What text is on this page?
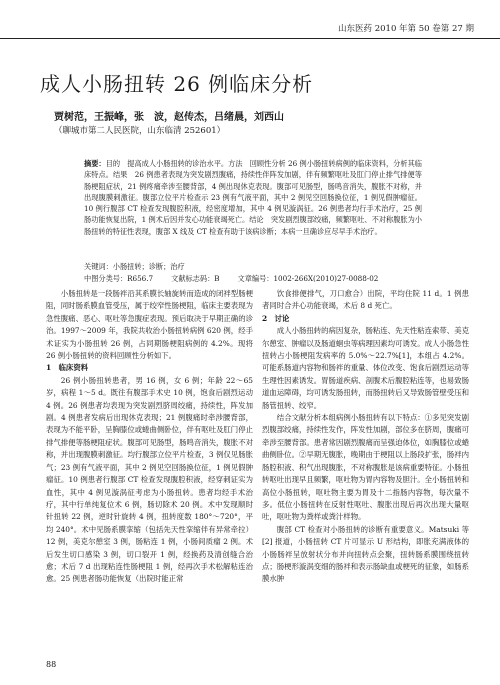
山东医药 2010 年第 50 卷第 27 期
成人小肠扭转 26 例临床分析
贾树范，王振峰，张　波，赵传杰，吕绪晨，刘西山
（聊城市第二人民医院，山东临清 252601）
摘要：目的　提高成人小肠扭转的诊治水平。方法　回顾性分析 26 例小肠扭转病例的临床资料，分析其临床特点。结果　26 例患者表现为突发剧烈腹痛，持续性伴阵发加剧，伴有频繁呕吐及肛门停止排气排便等肠梗阻症状，21 例疼痛牵涉至腰背部，4 例出现休克表现。腹部可见肠型，肠鸣音消失，腹胀不对称，并出现腹膜刺激征。腹部立位平片检查示 23 例有气液平面，其中 2 例见空回肠换位征，1 例见假肿瘤征。10 例行腹部 CT 检查发现腹腔积液，经密度增加，其中 4 例见漩涡征。26 例患者均行手术治疗，25 例肠功能恢复出院，1 例术后因并发心功能衰竭死亡。结论　突发剧烈腹部绞痛，频繁呕吐、不对称腹胀为小肠扭转的特征性表现，腹部 X 线及 CT 检查有助于该病诊断；本病一旦确诊应尽早手术治疗。
关键词：小肠扭转；诊断；治疗
中图分类号：R656.7	文献标志码：B	文章编号：1002-266X(2010)27-0088-02

小肠扭转是一段肠袢沿其系膜长轴旋转而造成的闭袢型肠梗阻，同时肠系膜血管受压，属于绞窄性肠梗阻，临床主要表现为急性腹痛、恶心、呕吐等急腹症表现。预后取决于早期正确的诊治。1997～2009 年，我院共收治小肠扭转病例 620 例，经手术证实为小肠扭转 26 例，占同期肠梗阻病例的 4.2%。现将 26 例小肠扭转的资料回顾性分析如下。

1　临床资料

26 例小肠扭转患者，男 16 例，女 6 例；年龄 22～65 岁，病程 1～5 d。既往有腹部手术史 10 例，饱食后剧烈运动 4 例。26 例患者均表现为突发剧烈脐周绞痛，持续性，阵发加剧。4 例患者发病后出现休克表现；21 例腹痛时牵涉腰背部，表现为不能平卧，呈胸膝位或蜷曲侧卧位，伴有呕吐及肛门停止排气排便等肠梗阻症状。腹部可见肠型，肠鸣音消失，腹胀不对称，并出现腹膜刺激征。均行腹部立位平片检查，3 例仅见肠胀气；23 例有气液平面，其中 2 例见空回肠换位征，1 例见假肿瘤征。10 例患者行腹部 CT 检查发现腹腔积液，经穿刺证实为血性，其中 4 例见漩涡征考虑为小肠扭转。患者均经手术治疗，其中行单纯复位术 6 例，肠切除术 20 例。术中发现顺时针扭转 22 例，逆时针旋转 4 例，扭转度数 180°～720°，平均 240°。术中见肠系膜挛缩（包括先天性挛缩伴有异常牵拉）12 例，美克尔憩室 3 例，肠粘连 1 例，小肠间质瘤 2 例。术后发生切口感染 3 例，切口裂开 1 例，经换药及清创缝合治愈；术后 7 d 出现粘连性肠梗阻 1 例，经再次手术松解粘连治愈。25 例患者肠功能恢复（出院时能正常

饮食排便排气，刀口愈合）出院，平均住院 11 d。1 例患者同时合并心功能衰竭，术后 8 d 死亡。

2　讨论

成人小肠扭转的病因复杂，肠粘连、先天性粘连索带、美克尔憩室、肿瘤以及肠道蛔虫等病理因素均可诱发。成人小肠急性扭转占小肠梗阻发病率的 5.0%～22.7%[1]，本组占 4.2%。可能系肠道内容物和肠袢的重量、体位改变、饱食后剧烈运动等生理性因素诱发。胃肠道疾病、剖腹术后腹腔粘连等，也易致肠道血运障碍，均可诱发肠扭转，而肠扭转后又导致肠管壁受压和肠管扭转、绞窄。

结合文献分析本组病例小肠扭转有以下特点：①多见突发剧烈腹部绞痛，持续性发作，阵发性加剧，部位多在脐周，腹痛可牵涉至腰背部。患者常因剧烈腹痛而呈强迫体位，如胸膝位或蜷曲侧卧位。②早期无腹胀，晚期由于梗阻以上肠段扩张，肠袢内肠腔积液、积气出现腹胀，不对称腹胀是该病重要特征。小肠扭转呕吐出现早且频繁，呕吐物为胃内容物及胆汁。全小肠扭转和高位小肠扭转，呕吐物主要为胃及十二指肠内容物，每次量不多。低位小肠扭转在反射性呕吐、腹胀出现后再次出现大量呕吐，呕吐物为粪样或粪汁样物。

腹部 CT 检查对小肠扭转的诊断有重要意义。Matsuki 等[2] 报道，小肠扭转 CT 片可显示 U 形结构，即胀充满液体的小肠肠袢呈放射状分布并向扭转点会聚，扭转肠系膜围绕扭转点；肠梗形漩涡变细的肠袢和表示肠缺血或梗死的征象，如肠系膜水肿

88
